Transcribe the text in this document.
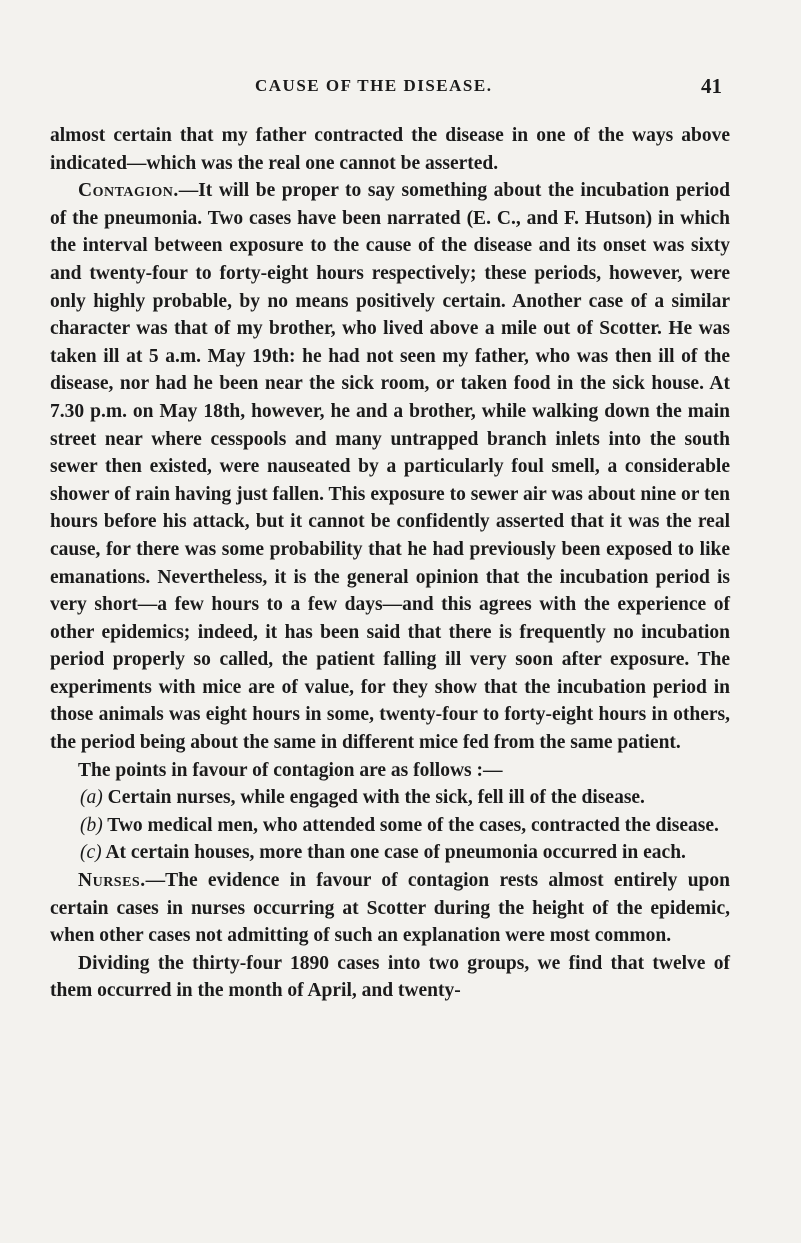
CAUSE OF THE DISEASE.	41

almost certain that my father contracted the disease in one of the ways above indicated—which was the real one cannot be asserted.

Contagion.—It will be proper to say something about the incubation period of the pneumonia. Two cases have been narrated (E. C., and F. Hutson) in which the interval between exposure to the cause of the disease and its onset was sixty and twenty-four to forty-eight hours respectively; these periods, however, were only highly probable, by no means positively certain. Another case of a similar character was that of my brother, who lived above a mile out of Scotter. He was taken ill at 5 a.m. May 19th: he had not seen my father, who was then ill of the disease, nor had he been near the sick room, or taken food in the sick house. At 7.30 p.m. on May 18th, however, he and a brother, while walking down the main street near where cesspools and many untrapped branch inlets into the south sewer then existed, were nauseated by a particularly foul smell, a considerable shower of rain having just fallen. This exposure to sewer air was about nine or ten hours before his attack, but it cannot be confidently asserted that it was the real cause, for there was some probability that he had previously been exposed to like emanations. Nevertheless, it is the general opinion that the incubation period is very short—a few hours to a few days—and this agrees with the experience of other epidemics; indeed, it has been said that there is frequently no incubation period properly so called, the patient falling ill very soon after exposure. The experiments with mice are of value, for they show that the incubation period in those animals was eight hours in some, twenty-four to forty-eight hours in others, the period being about the same in different mice fed from the same patient.

The points in favour of contagion are as follows :—

(a) Certain nurses, while engaged with the sick, fell ill of the disease.

(b) Two medical men, who attended some of the cases, contracted the disease.

(c) At certain houses, more than one case of pneumonia occurred in each.

Nurses.—The evidence in favour of contagion rests almost entirely upon certain cases in nurses occurring at Scotter during the height of the epidemic, when other cases not admitting of such an explanation were most common.

Dividing the thirty-four 1890 cases into two groups, we find that twelve of them occurred in the month of April, and twenty-
